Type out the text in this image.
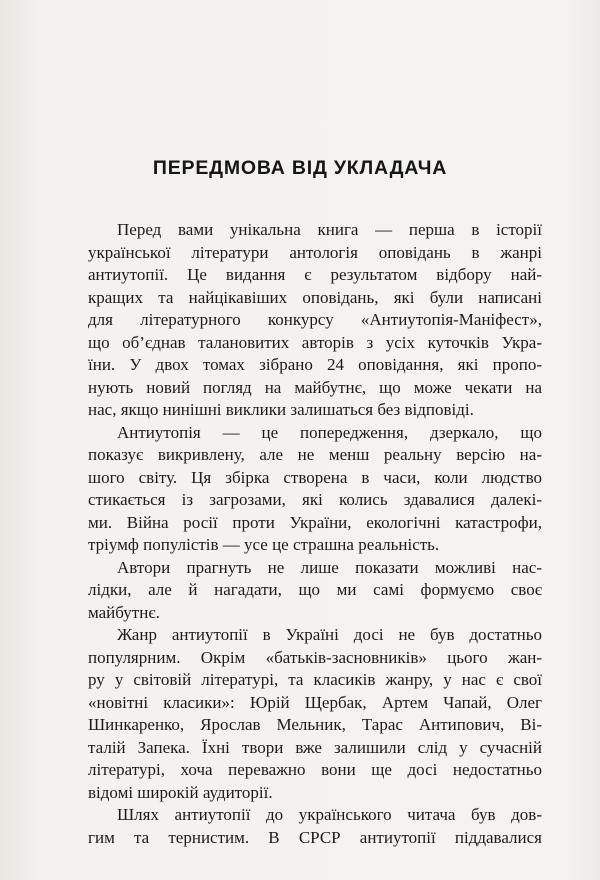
ПЕРЕДМОВА ВІД УКЛАДАЧА
Перед вами унікальна книга — перша в історії
української літератури антологія оповідань в жанрі
антиутопії. Це видання є результатом відбору най-
кращих та найцікавіших оповідань, які були написані
для літературного конкурсу «Антиутопія-Маніфест»,
що об’єднав талановитих авторів з усіх куточків Укра-
їни. У двох томах зібрано 24 оповідання, які пропо-
нують новий погляд на майбутнє, що може чекати на
нас, якщо нинішні виклики залишаться без відповіді.
Антиутопія — це попередження, дзеркало, що
показує викривлену, але не менш реальну версію на-
шого світу. Ця збірка створена в часи, коли людство
стикається із загрозами, які колись здавалися далекі-
ми. Війна росії проти України, екологічні катастрофи,
тріумф популістів — усе це страшна реальність.
Автори прагнуть не лише показати можливі нас-
лідки, але й нагадати, що ми самі формуємо своє
майбутнє.
Жанр антиутопії в Україні досі не був достатньо
популярним. Окрім «батьків-засновників» цього жан-
ру у світовій літературі, та класиків жанру, у нас є свої
«новітні класики»: Юрій Щербак, Артем Чапай, Олег
Шинкаренко, Ярослав Мельник, Тарас Антипович, Ві-
талій Запека. Їхні твори вже залишили слід у сучасній
літературі, хоча переважно вони ще досі недостатньо
відомі широкій аудиторії.
Шлях антиутопії до українського читача був дов-
гим та тернистим. В СРСР антиутопії піддавалися
